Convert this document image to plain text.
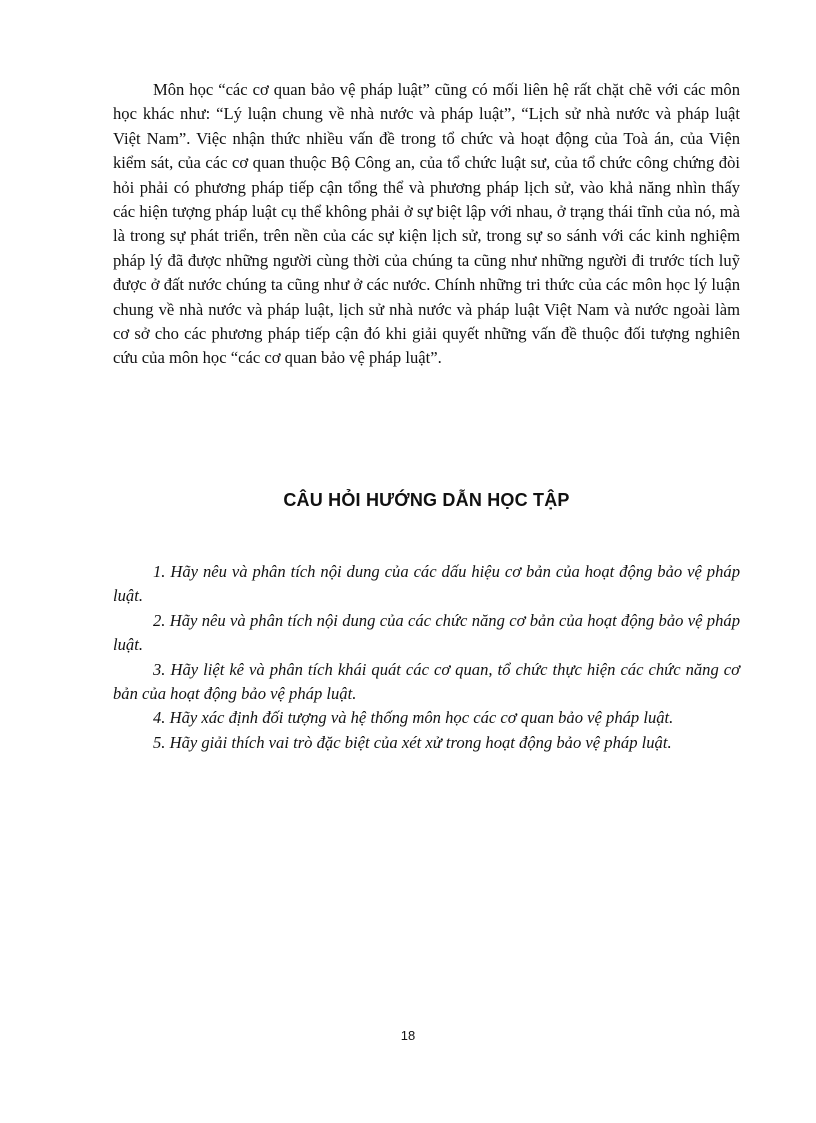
Môn học “các cơ quan bảo vệ pháp luật” cũng có mối liên hệ rất chặt chẽ với các môn học khác như: “Lý luận chung về nhà nước và pháp luật”, “Lịch sử nhà nước và pháp luật Việt Nam”. Việc nhận thức nhiều vấn đề trong tổ chức và hoạt động của Toà án, của Viện kiểm sát, của các cơ quan thuộc Bộ Công an, của tổ chức luật sư, của tổ chức công chứng đòi hỏi phải có phương pháp tiếp cận tổng thể và phương pháp lịch sử, vào khả năng nhìn thấy các hiện tượng pháp luật cụ thể không phải ở sự biệt lập với nhau, ở trạng thái tĩnh của nó, mà là trong sự phát triển, trên nền của các sự kiện lịch sử, trong sự so sánh với các kinh nghiệm pháp lý đã được những người cùng thời của chúng ta cũng như những người đi trước tích luỹ được ở đất nước chúng ta cũng như ở các nước. Chính những tri thức của các môn học lý luận chung về nhà nước và pháp luật, lịch sử nhà nước và pháp luật Việt Nam và nước ngoài làm cơ sở cho các phương pháp tiếp cận đó khi giải quyết những vấn đề thuộc đối tượng nghiên cứu của môn học “các cơ quan bảo vệ pháp luật”.

CÂU HỎI HƯỚNG DẪN HỌC TẬP
1. Hãy nêu và phân tích nội dung của các dấu hiệu cơ bản của hoạt động bảo vệ pháp luật.
2. Hãy nêu và phân tích nội dung của các chức năng cơ bản của hoạt động bảo vệ pháp luật.
3. Hãy liệt kê và phân tích khái quát các cơ quan, tổ chức thực hiện các chức năng cơ bản của hoạt động bảo vệ pháp luật.
4. Hãy xác định đối tượng và hệ thống môn học các cơ quan bảo vệ pháp luật.
5. Hãy giải thích vai trò đặc biệt của xét xử trong hoạt động bảo vệ pháp luật.
18
